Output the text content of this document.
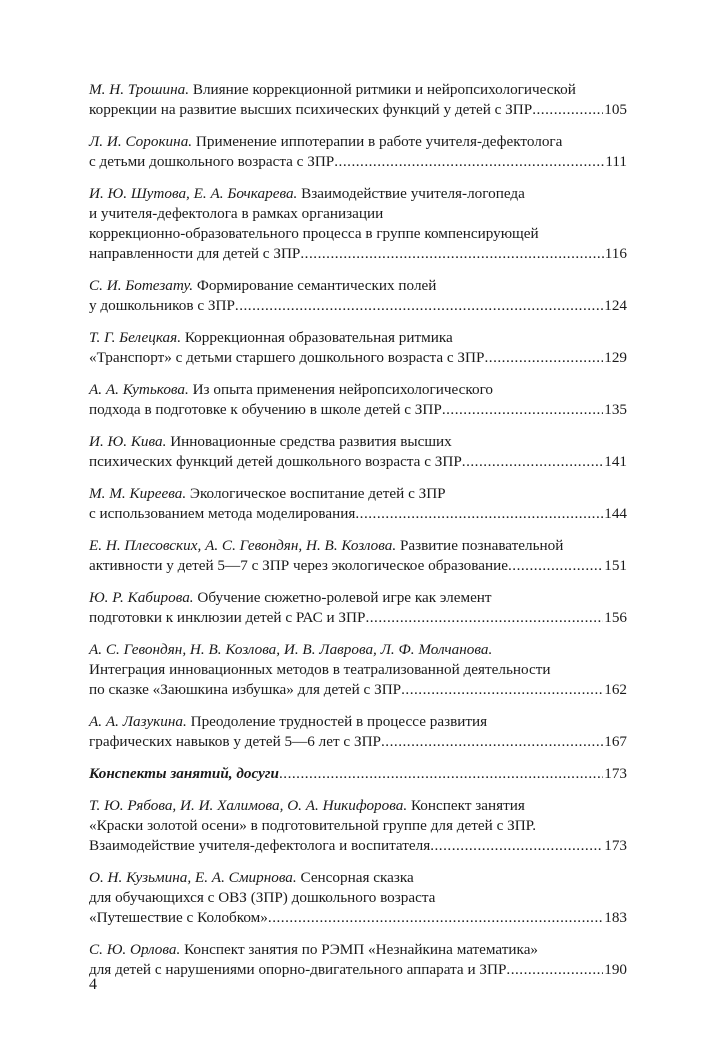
М. Н. Трошина. Влияние коррекционной ритмики и нейропсихологической
коррекции на развитие высших психических функций у детей с ЗПР .....	105
Л. И. Сорокина. Применение иппотерапии в работе учителя-дефектолога
с детьми дошкольного возраста с ЗПР .....	111
И. Ю. Шутова, Е. А. Бочкарева. Взаимодействие учителя-логопеда
и учителя-дефектолога в рамках организации
коррекционно-образовательного процесса в группе компенсирующей
направленности для детей с ЗПР .....	116
С. И. Ботезату. Формирование семантических полей
у дошкольников с ЗПР .....	124
Т. Г. Белецкая. Коррекционная образовательная ритмика
«Транспорт» с детьми старшего дошкольного возраста с ЗПР .....	129
А. А. Кутькова. Из опыта применения нейропсихологического
подхода в подготовке к обучению в школе детей с ЗПР .....	135
И. Ю. Кива. Инновационные средства развития высших
психических функций детей дошкольного возраста с ЗПР .....	141
М. М. Киреева. Экологическое воспитание детей с ЗПР
с использованием метода моделирования .....	144
Е. Н. Плесовских, А. С. Гевондян, Н. В. Козлова. Развитие познавательной
активности у детей 5—7 с ЗПР через экологическое образование .....	151
Ю. Р. Кабирова. Обучение сюжетно-ролевой игре как элемент
подготовки к инклюзии детей с РАС и ЗПР .....	156
А. С. Гевондян, Н. В. Козлова, И. В. Лаврова, Л. Ф. Молчанова.
Интеграция инновационных методов в театрализованной деятельности
по сказке «Заюшкина избушка» для детей с ЗПР .....	162
А. А. Лазукина. Преодоление трудностей в процессе развития
графических навыков у детей 5—6 лет с ЗПР .....	167
Конспекты занятий, досуги .....	173
Т. Ю. Рябова, И. И. Халимова, О. А. Никифорова. Конспект занятия
«Краски золотой осени» в подготовительной группе для детей с ЗПР.
Взаимодействие учителя-дефектолога и воспитателя .....	173
О. Н. Кузьмина, Е. А. Смирнова. Сенсорная сказка
для обучающихся с ОВЗ (ЗПР) дошкольного возраста
«Путешествие с Колобком» .....	183
С. Ю. Орлова. Конспект занятия по РЭМП «Незнайкина математика»
для детей с нарушениями опорно-двигательного аппарата и ЗПР .....	190
4
